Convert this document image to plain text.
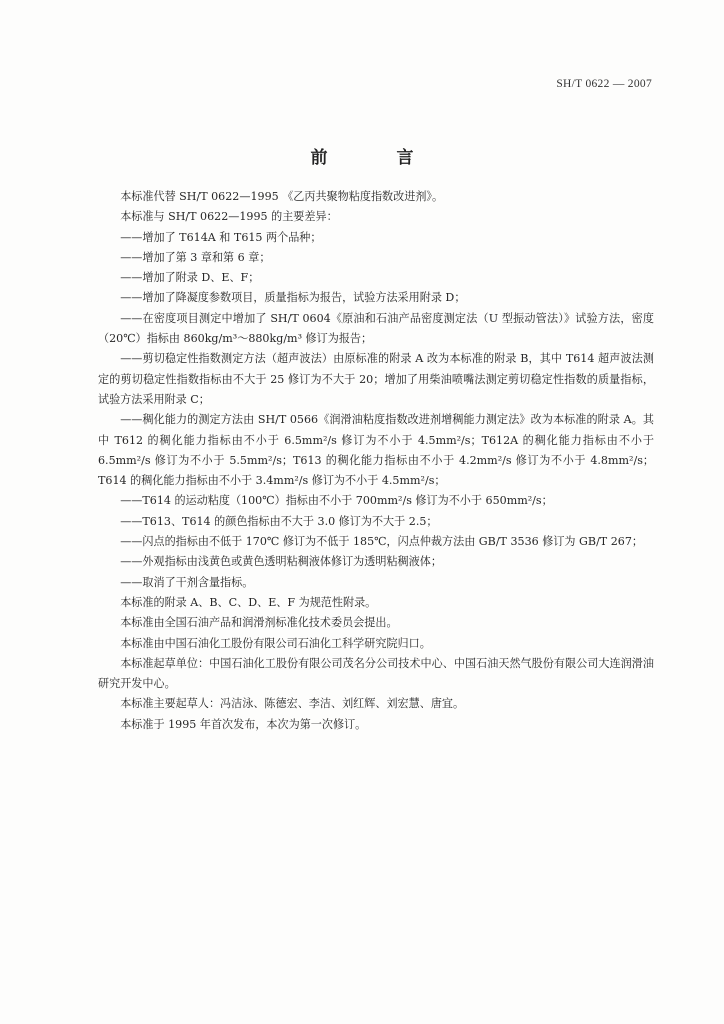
SH/T 0622 — 2007
前　言

本标准代替 SH/T 0622—1995 《乙丙共聚物粘度指数改进剂》。

本标准与 SH/T 0622—1995 的主要差异：

——增加了 T614A 和 T615 两个品种；

——增加了第 3 章和第 6 章；

——增加了附录 D、E、F；

——增加了降凝度参数项目，质量指标为报告，试验方法采用附录 D；

——在密度项目测定中增加了 SH/T 0604《原油和石油产品密度测定法（U 型振动管法）》试验方法，密度（20℃）指标由 860kg/m³～880kg/m³ 修订为报告；

——剪切稳定性指数测定方法（超声波法）由原标准的附录 A 改为本标准的附录 B，其中 T614 超声波法测定的剪切稳定性指数指标由不大于 25 修订为不大于 20；增加了用柴油喷嘴法测定剪切稳定性指数的质量指标，试验方法采用附录 C；

——稠化能力的测定方法由 SH/T 0566《润滑油粘度指数改进剂增稠能力测定法》改为本标准的附录 A。其中 T612 的稠化能力指标由不小于 6.5mm²/s 修订为不小于 4.5mm²/s；T612A 的稠化能力指标由不小于 6.5mm²/s 修订为不小于 5.5mm²/s；T613 的稠化能力指标由不小于 4.2mm²/s 修订为不小于 4.8mm²/s；T614 的稠化能力指标由不小于 3.4mm²/s 修订为不小于 4.5mm²/s；

——T614 的运动粘度（100℃）指标由不小于 700mm²/s 修订为不小于 650mm²/s；

——T613、T614 的颜色指标由不大于 3.0 修订为不大于 2.5；

——闪点的指标由不低于 170℃ 修订为不低于 185℃，闪点仲裁方法由 GB/T 3536 修订为 GB/T 267；

——外观指标由浅黄色或黄色透明粘稠液体修订为透明粘稠液体；

——取消了干剂含量指标。

本标准的附录 A、B、C、D、E、F 为规范性附录。

本标准由全国石油产品和润滑剂标准化技术委员会提出。

本标准由中国石油化工股份有限公司石油化工科学研究院归口。

本标准起草单位：中国石油化工股份有限公司茂名分公司技术中心、中国石油天然气股份有限公司大连润滑油研究开发中心。

本标准主要起草人：冯洁泳、陈德宏、李洁、刘红辉、刘宏慧、唐宜。

本标准于 1995 年首次发布，本次为第一次修订。
